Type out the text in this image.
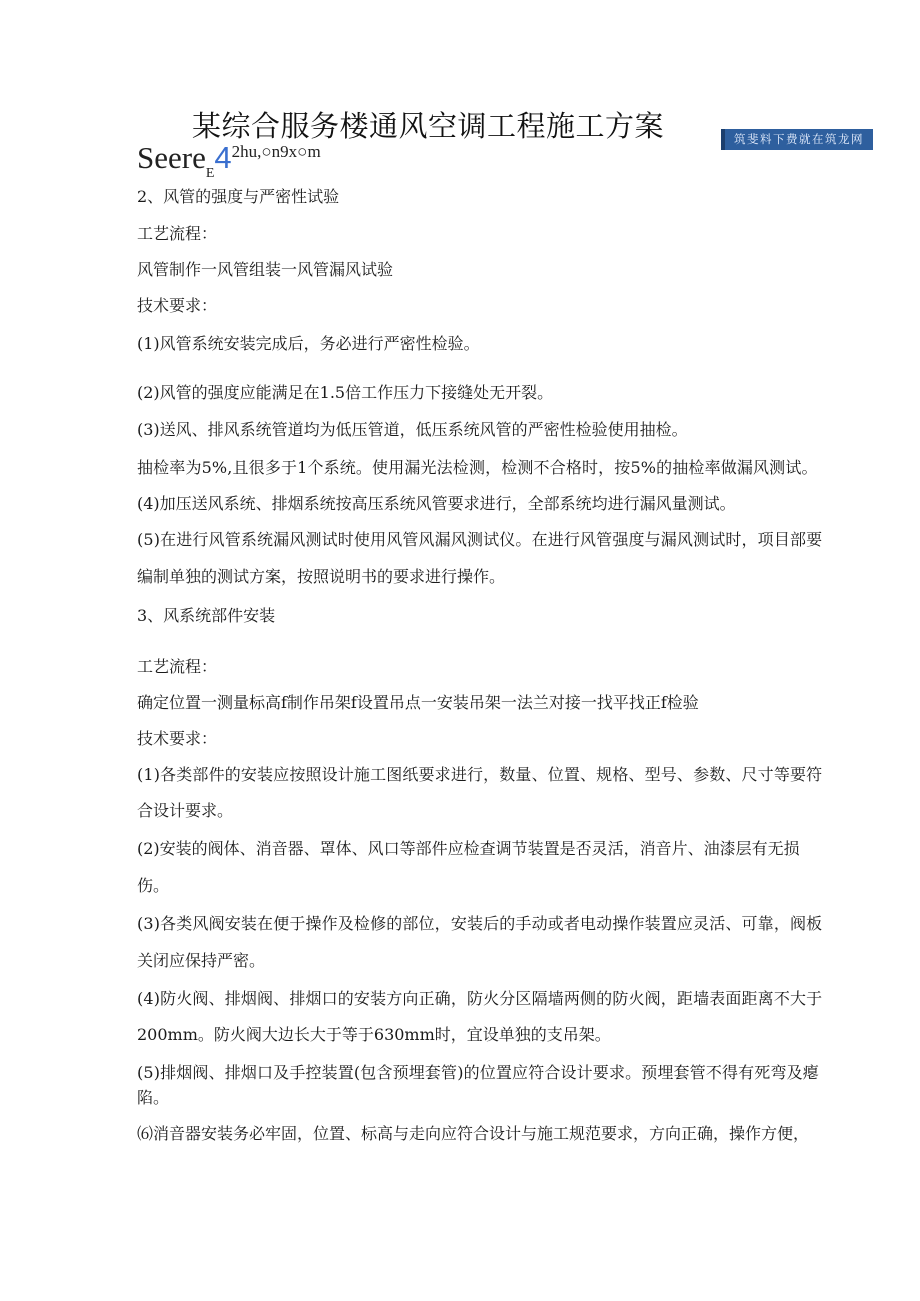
某综合服务楼通风空调工程施工方案	筑斐料下费就在筑龙网
SeereE42hu,○n9x○m
2、风管的强度与严密性试验
工艺流程：
风管制作一风管组装一风管漏风试验
技术要求：
(1)风管系统安装完成后，务必进行严密性检验。
(2)风管的强度应能满足在1.5倍工作压力下接缝处无开裂。
(3)送风、排风系统管道均为低压管道，低压系统风管的严密性检验使用抽检。
抽检率为5%,且很多于1个系统。使用漏光法检测，检测不合格时，按5%的抽检率做漏风测试。
(4)加压送风系统、排烟系统按高压系统风管要求进行，全部系统均进行漏风量测试。
(5)在进行风管系统漏风测试时使用风管风漏风测试仪。在进行风管强度与漏风测试时，项目部要
编制单独的测试方案，按照说明书的要求进行操作。
3、风系统部件安装
工艺流程：
确定位置一测量标高f制作吊架f设置吊点一安装吊架一法兰对接一找平找正f检验
技术要求：
(1)各类部件的安装应按照设计施工图纸要求进行，数量、位置、规格、型号、参数、尺寸等要符
合设计要求。
(2)安装的阀体、消音器、罩体、风口等部件应检查调节装置是否灵活，消音片、油漆层有无损
伤。
(3)各类风阀安装在便于操作及检修的部位，安装后的手动或者电动操作装置应灵活、可靠，阀板
关闭应保持严密。
(4)防火阀、排烟阀、排烟口的安装方向正确，防火分区隔墙两侧的防火阀，距墙表面距离不大于
200mm。防火阀大边长大于等于630mm时，宜设单独的支吊架。
(5)排烟阀、排烟口及手控装置(包含预埋套管)的位置应符合设计要求。预埋套管不得有死弯及瘪
陷。
⑹消音器安装务必牢固，位置、标高与走向应符合设计与施工规范要求，方向正确，操作方便，
